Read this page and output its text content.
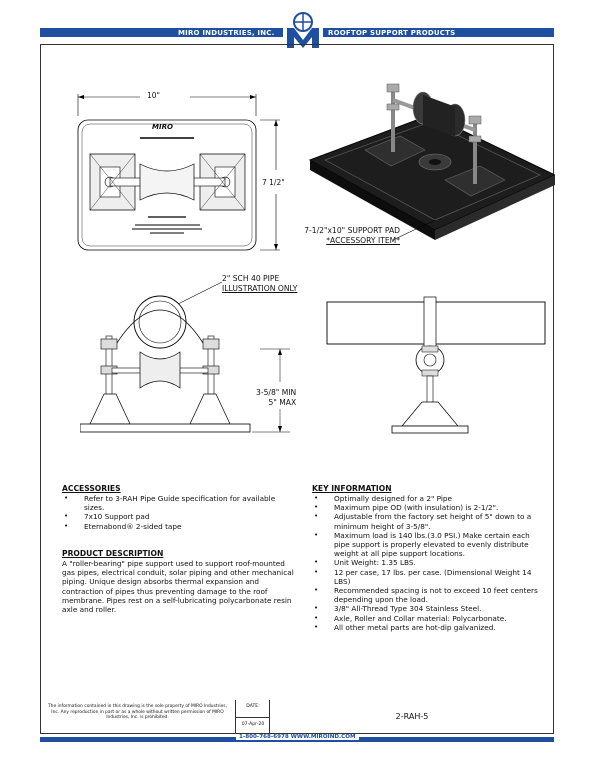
MIRO INDUSTRIES, INC.	ROOFTOP SUPPORT PRODUCTS
10"
7 1/2"
MIRO
7-1/2"x10" SUPPORT PAD
*ACCESSORY ITEM*
2" SCH 40 PIPE
ILLUSTRATION ONLY
3-5/8" MIN
5" MAX
ACCESSORIES
• Refer to 3-RAH Pipe Guide specification for available sizes.
• 7x10 Support pad
• Eternabond® 2-sided tape
PRODUCT DESCRIPTION
A "roller-bearing" pipe support used to support roof-mounted gas pipes, electrical conduit, solar piping and other mechanical piping. Unique design absorbs thermal expansion and contraction of pipes thus preventing damage to the roof membrane. Pipes rest on a self-lubricating polycarbonate resin axle and roller.
KEY INFORMATION
• Optimally designed for a 2" Pipe
• Maximum pipe OD (with insulation) is 2-1/2".
• Adjustable from the factory set height of 5" down to a minimum height of 3-5/8".
• Maximum load is 140 lbs.(3.0 PSI.) Make certain each pipe support is properly elevated to evenly distribute weight at all pipe support locations.
• Unit Weight: 1.35 LBS.
• 12 per case, 17 lbs. per case. (Dimensional Weight 14 LBS)
• Recommended spacing is not to exceed 10 feet centers depending upon the load.
• 3/8" All-Thread Type 304 Stainless Steel.
• Axle, Roller and Collar material: Polycarbonate.
• All other metal parts are hot-dip galvanized.
The information contained in this drawing is the sole property of MIRO Industries, Inc. Any reproduction in part or as a whole without written permission of MIRO Industries, Inc. is prohibited.
DATE:
07-Apr-20
2-RAH-5
1-800-768-6978 WWW.MIROIND.COM
